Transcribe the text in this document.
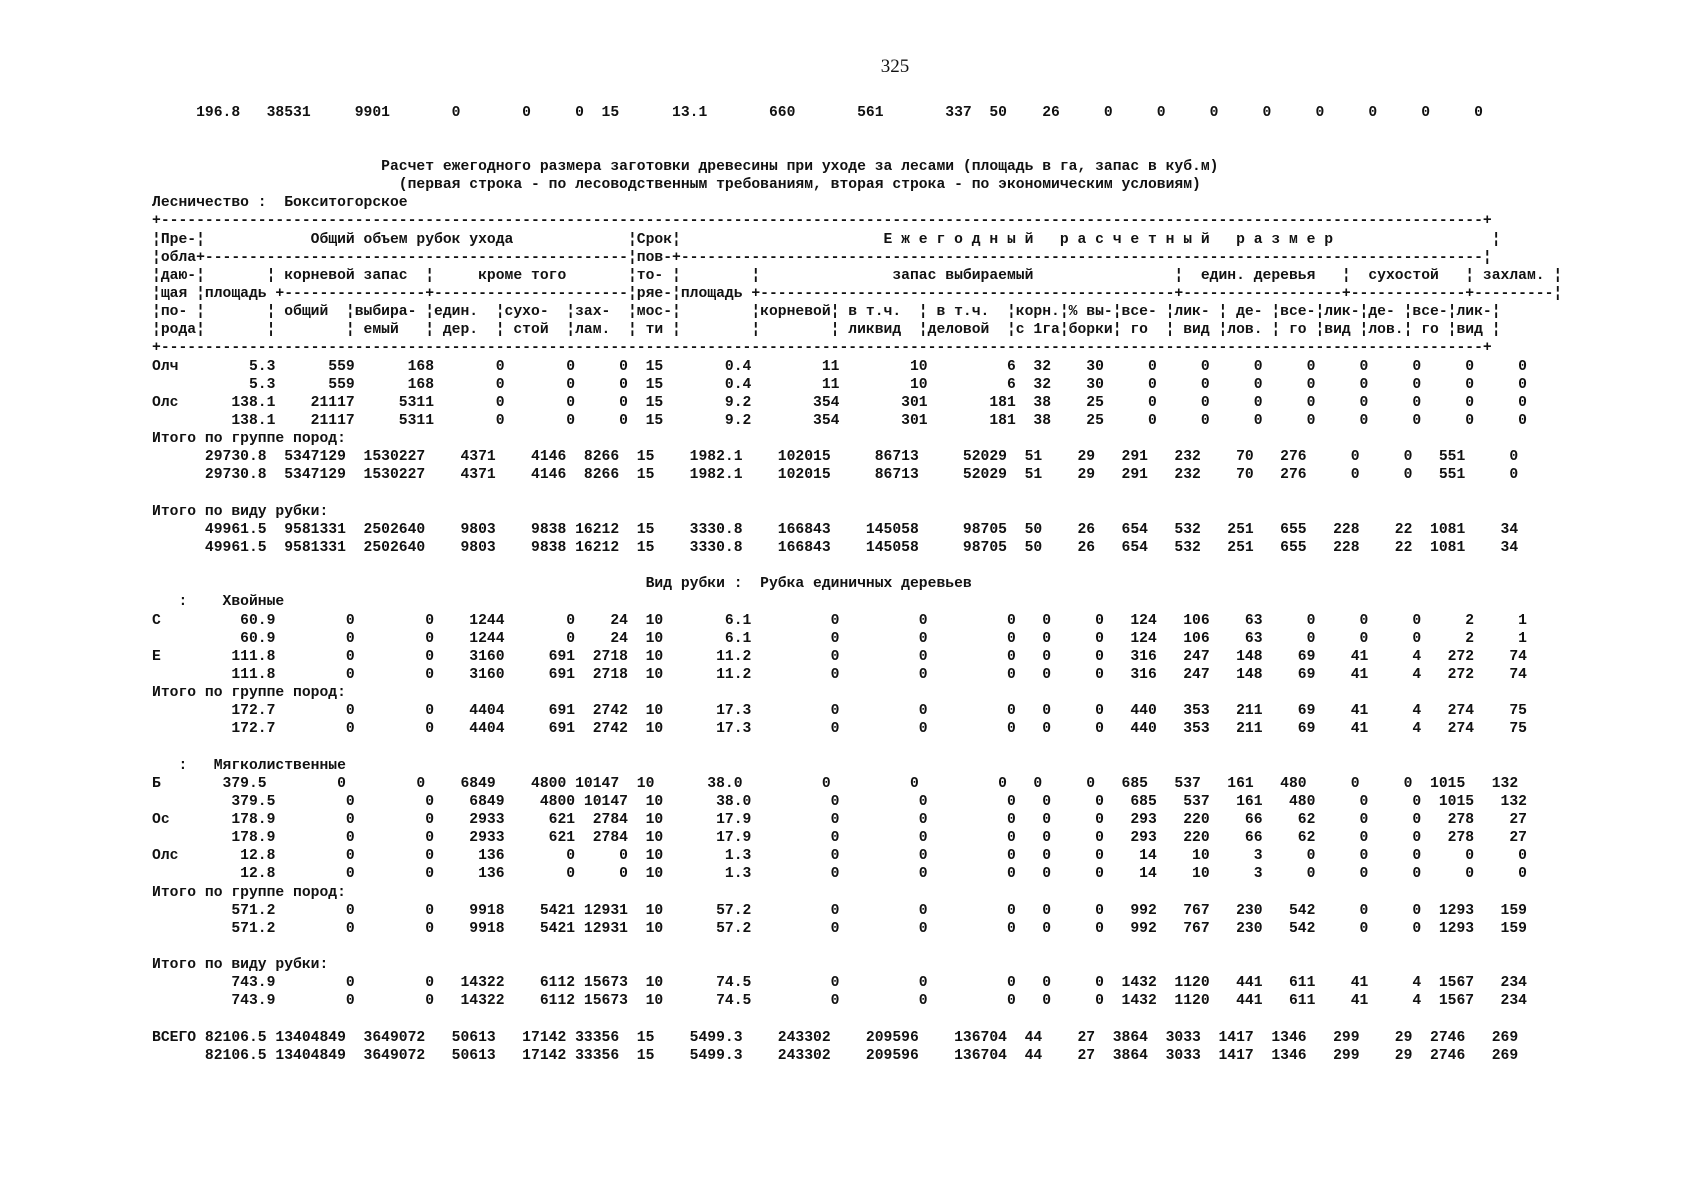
325
196.8   38531     9901       0       0     0  15      13.1       660       561       337  50    26     0     0     0     0     0     0     0     0
Расчет ежегодного размера заготовки древесины при уходе за лесами (площадь в га, запас в куб.м)
(первая строка - по лесоводственным требованиям, вторая строка - по экономическим условиям)
Лесничество :  Бокситогорское
+------------------------------------------------------------------------------------------------------------------------------------------------------+
¦Пре-¦            Общий объем рубок ухода             ¦Срок¦                       Е ж е г о д н ы й   р а с ч е т н ы й   р а з м е р                  ¦
¦обла+------------------------------------------------¦пов-+-------------------------------------------------------------------------------------------¦
¦даю-¦       ¦ корневой запас  ¦     кроме того       ¦то- ¦        ¦               запас выбираемый                ¦  един. деревья   ¦  сухостой   ¦ захлам. ¦
¦щая ¦площадь +----------------+----------------------¦ряе-¦площадь +-----------------------------------------------+------------------+-------------+---------¦
¦по- ¦       ¦ общий  ¦выбира- ¦един.  ¦сухо-  ¦зах-  ¦мос-¦        ¦корневой¦ в т.ч.  ¦ в т.ч.  ¦корн.¦% вы-¦все- ¦лик- ¦ де- ¦все-¦лик-¦де- ¦все-¦лик-¦
¦рода¦       ¦        ¦ емый   ¦ дер.  ¦ стой  ¦лам.  ¦ ти ¦        ¦        ¦ ликвид  ¦деловой  ¦с 1га¦борки¦ го  ¦ вид ¦лов. ¦ го ¦вид ¦лов.¦ го ¦вид ¦
+------------------------------------------------------------------------------------------------------------------------------------------------------+
Олч        5.3      559      168       0       0     0  15       0.4        11        10         6  32    30     0     0     0     0     0     0     0     0
5.3      559      168       0       0     0  15       0.4        11        10         6  32    30     0     0     0     0     0     0     0     0
Олс      138.1    21117     5311       0       0     0  15       9.2       354       301       181  38    25     0     0     0     0     0     0     0     0
138.1    21117     5311       0       0     0  15       9.2       354       301       181  38    25     0     0     0     0     0     0     0     0
Итого по группе пород:
29730.8  5347129  1530227    4371    4146  8266  15    1982.1    102015     86713     52029  51    29   291   232    70   276     0     0   551     0
29730.8  5347129  1530227    4371    4146  8266  15    1982.1    102015     86713     52029  51    29   291   232    70   276     0     0   551     0
Итого по виду рубки:
49961.5  9581331  2502640    9803    9838 16212  15    3330.8    166843    145058     98705  50    26   654   532   251   655   228    22  1081    34
49961.5  9581331  2502640    9803    9838 16212  15    3330.8    166843    145058     98705  50    26   654   532   251   655   228    22  1081    34
Вид рубки :  Рубка единичных деревьев
:    Хвойные
С         60.9        0        0    1244       0    24  10       6.1         0         0         0   0     0   124   106    63     0     0     0     2     1
60.9        0        0    1244       0    24  10       6.1         0         0         0   0     0   124   106    63     0     0     0     2     1
Е        111.8        0        0    3160     691  2718  10      11.2         0         0         0   0     0   316   247   148    69    41     4   272    74
111.8        0        0    3160     691  2718  10      11.2         0         0         0   0     0   316   247   148    69    41     4   272    74
Итого по группе пород:
172.7        0        0    4404     691  2742  10      17.3         0         0         0   0     0   440   353   211    69    41     4   274    75
172.7        0        0    4404     691  2742  10      17.3         0         0         0   0     0   440   353   211    69    41     4   274    75
:   Мягколиственные
Б       379.5        0        0    6849    4800 10147  10      38.0         0         0         0   0     0   685   537   161   480     0     0  1015   132
379.5        0        0    6849    4800 10147  10      38.0         0         0         0   0     0   685   537   161   480     0     0  1015   132
Ос       178.9        0        0    2933     621  2784  10      17.9         0         0         0   0     0   293   220    66    62     0     0   278    27
178.9        0        0    2933     621  2784  10      17.9         0         0         0   0     0   293   220    66    62     0     0   278    27
Олс       12.8        0        0     136       0     0  10       1.3         0         0         0   0     0    14    10     3     0     0     0     0     0
12.8        0        0     136       0     0  10       1.3         0         0         0   0     0    14    10     3     0     0     0     0     0
Итого по группе пород:
571.2        0        0    9918    5421 12931  10      57.2         0         0         0   0     0   992   767   230   542     0     0  1293   159
571.2        0        0    9918    5421 12931  10      57.2         0         0         0   0     0   992   767   230   542     0     0  1293   159
Итого по виду рубки:
743.9        0        0   14322    6112 15673  10      74.5         0         0         0   0     0  1432  1120   441   611    41     4  1567   234
743.9        0        0   14322    6112 15673  10      74.5         0         0         0   0     0  1432  1120   441   611    41     4  1567   234
ВСЕГО 82106.5 13404849  3649072   50613   17142 33356  15    5499.3    243302    209596    136704  44    27  3864  3033  1417  1346   299    29  2746   269
82106.5 13404849  3649072   50613   17142 33356  15    5499.3    243302    209596    136704  44    27  3864  3033  1417  1346   299    29  2746   269
